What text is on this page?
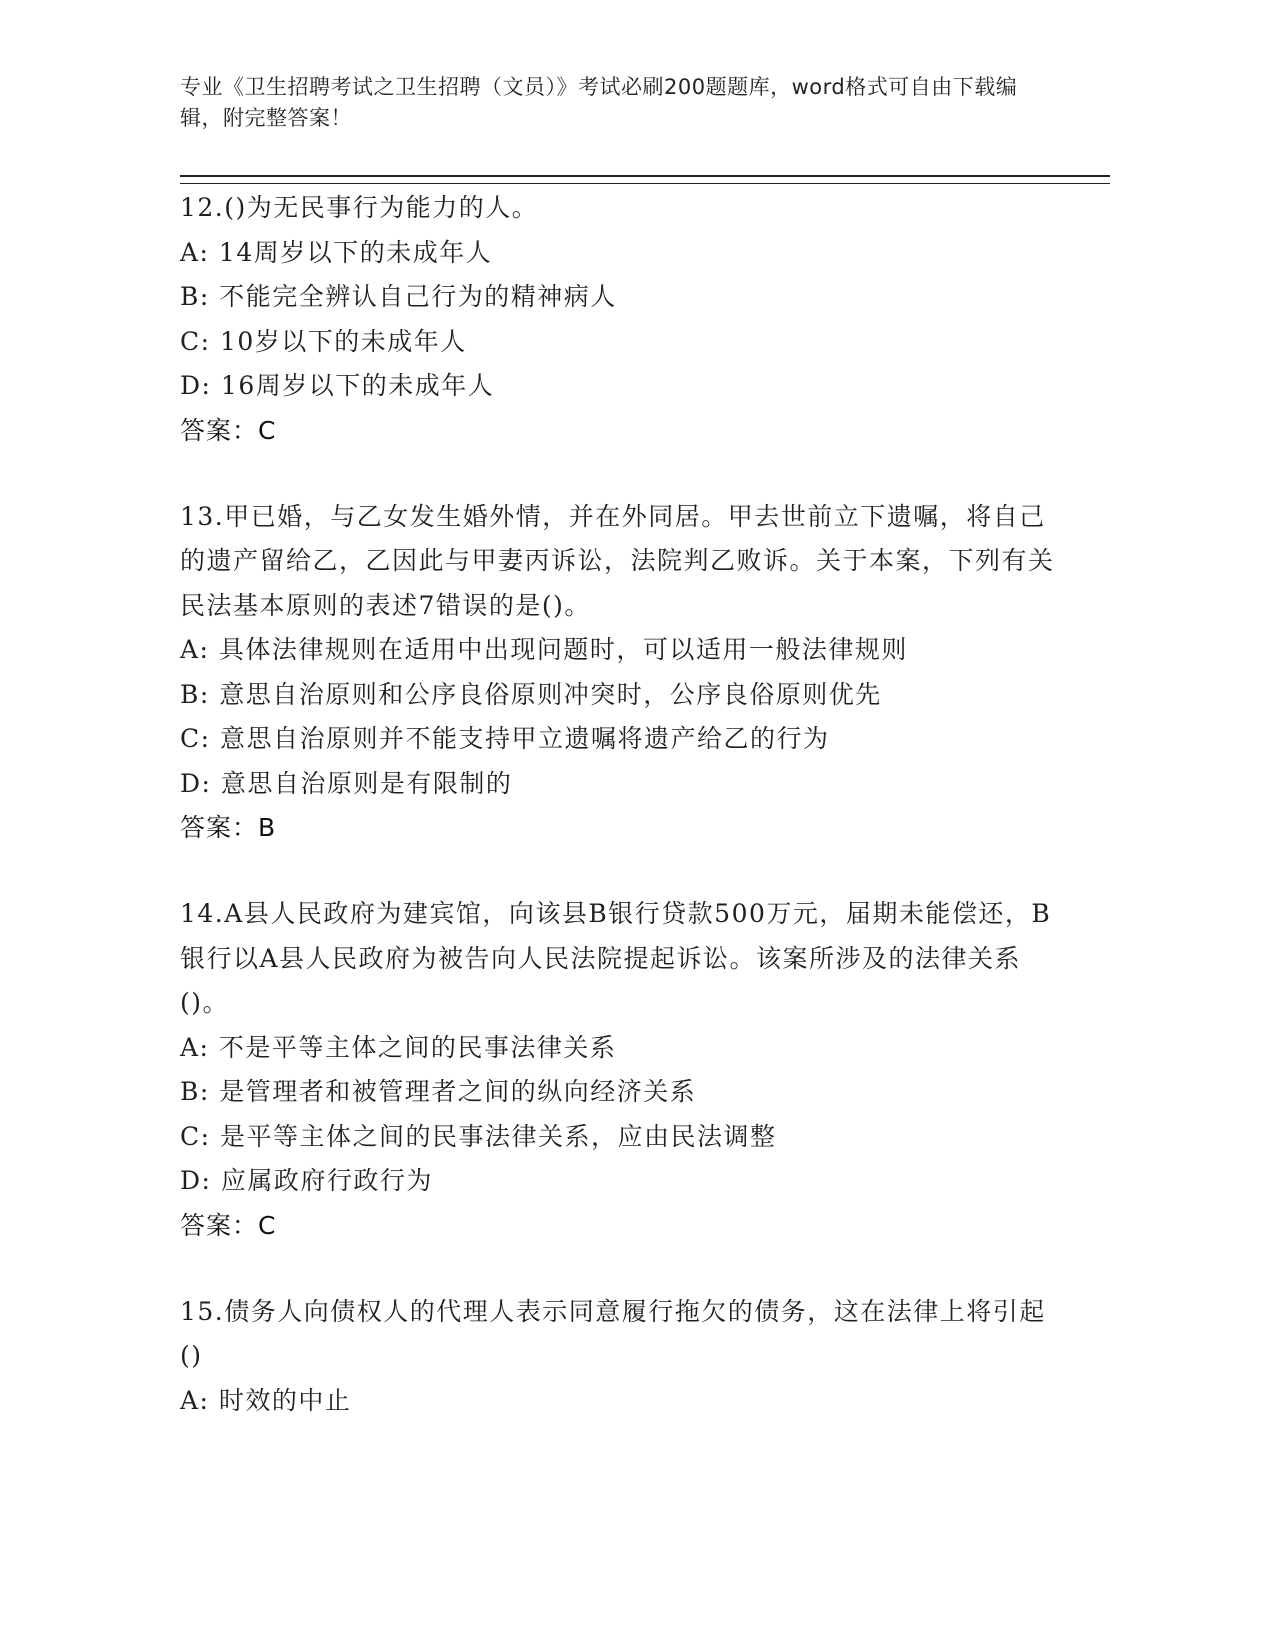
专业《卫生招聘考试之卫生招聘（文员）》考试必刷200题题库，word格式可自由下载编辑，附完整答案！
12.()为无民事行为能力的人。
A: 14周岁以下的未成年人
B: 不能完全辨认自己行为的精神病人
C: 10岁以下的未成年人
D: 16周岁以下的未成年人
答案：C
13.甲已婚，与乙女发生婚外情，并在外同居。甲去世前立下遗嘱，将自己的遗产留给乙，乙因此与甲妻丙诉讼，法院判乙败诉。关于本案，下列有关民法基本原则的表述7错误的是()。
A: 具体法律规则在适用中出现问题时，可以适用一般法律规则
B: 意思自治原则和公序良俗原则冲突时，公序良俗原则优先
C: 意思自治原则并不能支持甲立遗嘱将遗产给乙的行为
D: 意思自治原则是有限制的
答案：B
14.A县人民政府为建宾馆，向该县B银行贷款500万元，届期未能偿还，B银行以A县人民政府为被告向人民法院提起诉讼。该案所涉及的法律关系()。
A: 不是平等主体之间的民事法律关系
B: 是管理者和被管理者之间的纵向经济关系
C: 是平等主体之间的民事法律关系，应由民法调整
D: 应属政府行政行为
答案：C
15.债务人向债权人的代理人表示同意履行拖欠的债务，这在法律上将引起()
A: 时效的中止
